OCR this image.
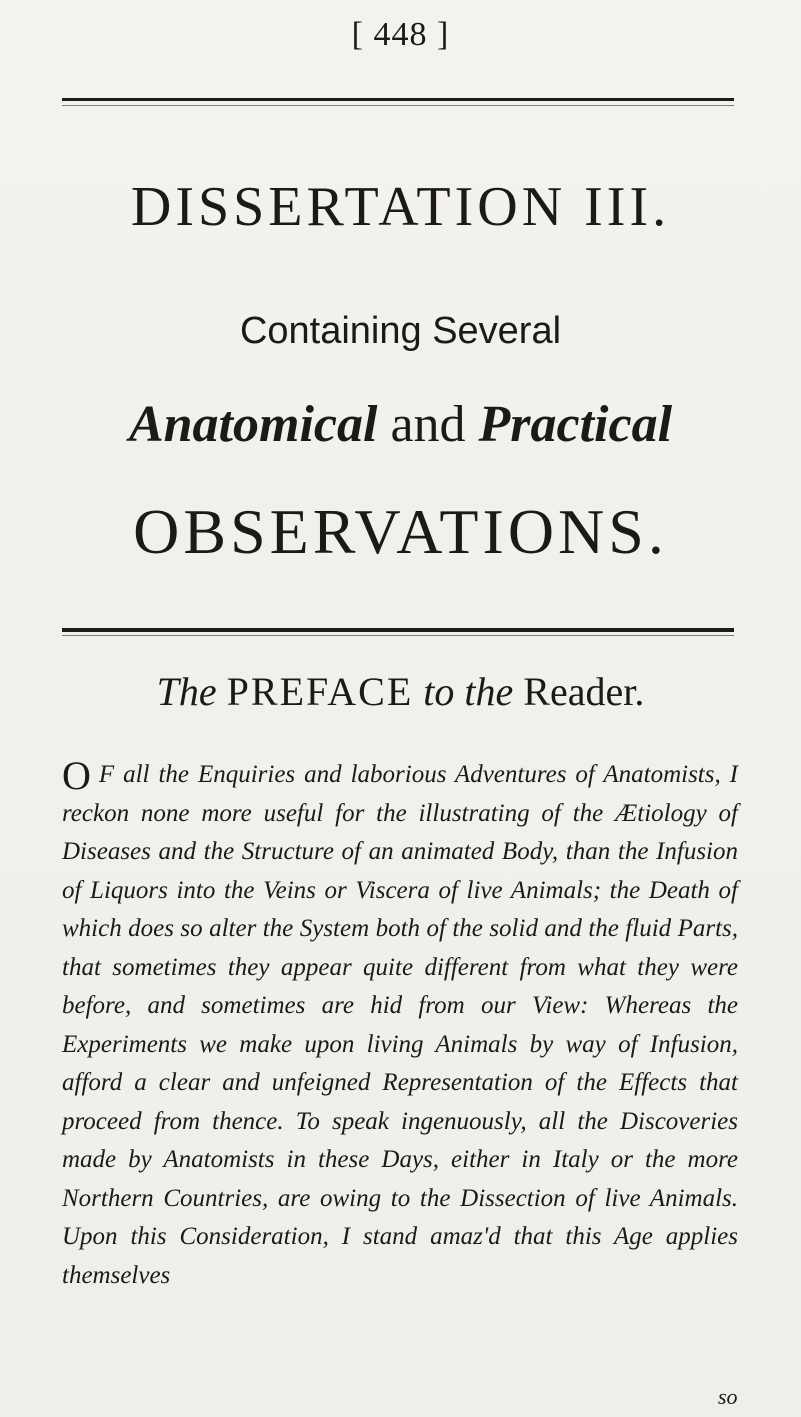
[ 448 ]
DISSERTATION III.
Containing Several
Anatomical and Practical
OBSERVATIONS.
The PREFACE to the Reader.
O F all the Enquiries and laborious Adventures of Anatomists, I reckon none more useful for the illustrating of the Ætiology of Diseases and the Structure of an animated Body, than the Infusion of Liquors into the Veins or Viscera of live Animals; the Death of which does so alter the System both of the solid and the fluid Parts, that sometimes they appear quite different from what they were before, and sometimes are hid from our View: Whereas the Experiments we make upon living Animals by way of Infusion, afford a clear and unfeigned Representation of the Effects that proceed from thence. To speak ingenuously, all the Discoveries made by Anatomists in these Days, either in Italy or the more Northern Countries, are owing to the Dissection of live Animals. Upon this Consideration, I stand amaz'd that this Age applies themselves
so
